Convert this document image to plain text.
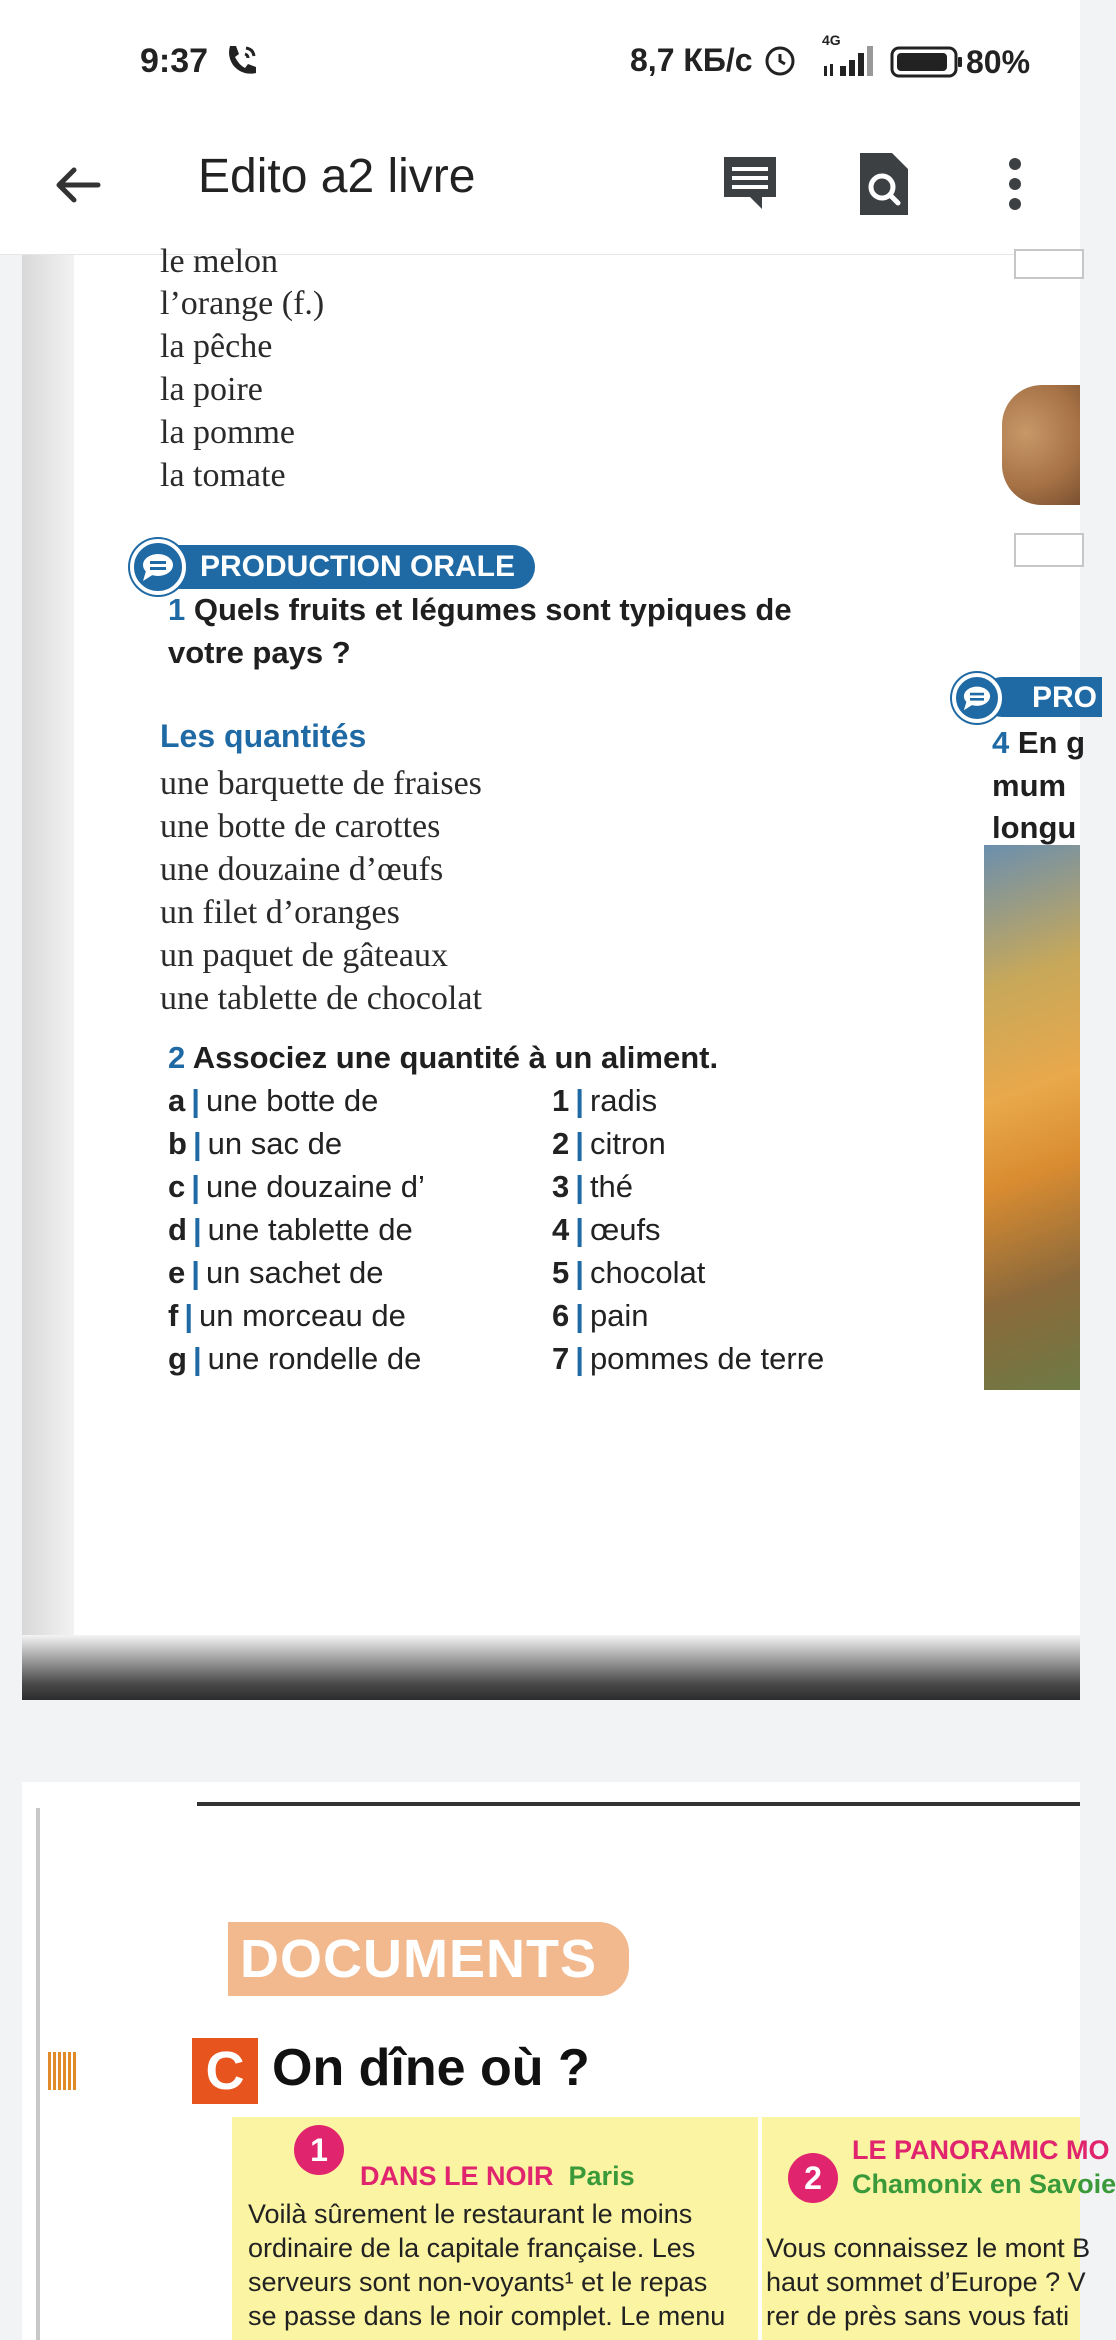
9:37	8,7 КБ/с
4G
80%
Edito a2 livre
le melon
l’orange (f.)
la pêche
la poire
la pomme
la tomate
PRODUCTION ORALE
1 Quels fruits et légumes sont typiques de
votre pays ?
Les quantités
une barquette de fraises
une botte de carottes
une douzaine d’œufs
un filet d’oranges
un paquet de gâteaux
une tablette de chocolat
2 Associez une quantité à un aliment.
a | une botte de
b | un sac de
c | une douzaine d’
d | une tablette de
e | un sachet de
f | un morceau de
g | une rondelle de
1 | radis
2 | citron
3 | thé
4 | œufs
5 | chocolat
6 | pain
7 | pommes de terre
PRO
4 En g
mum
longu
DOCUMENTS
C On dîne où ?
1
DANS LE NOIR Paris
Voilà sûrement le restaurant le moins
ordinaire de la capitale française. Les
serveurs sont non-voyants¹ et le repas
se passe dans le noir complet. Le menu
2
LE PANORAMIC MO
Chamonix en Savoie
Vous connaissez le mont B
haut sommet d’Europe ? V
rer de près sans vous fati
